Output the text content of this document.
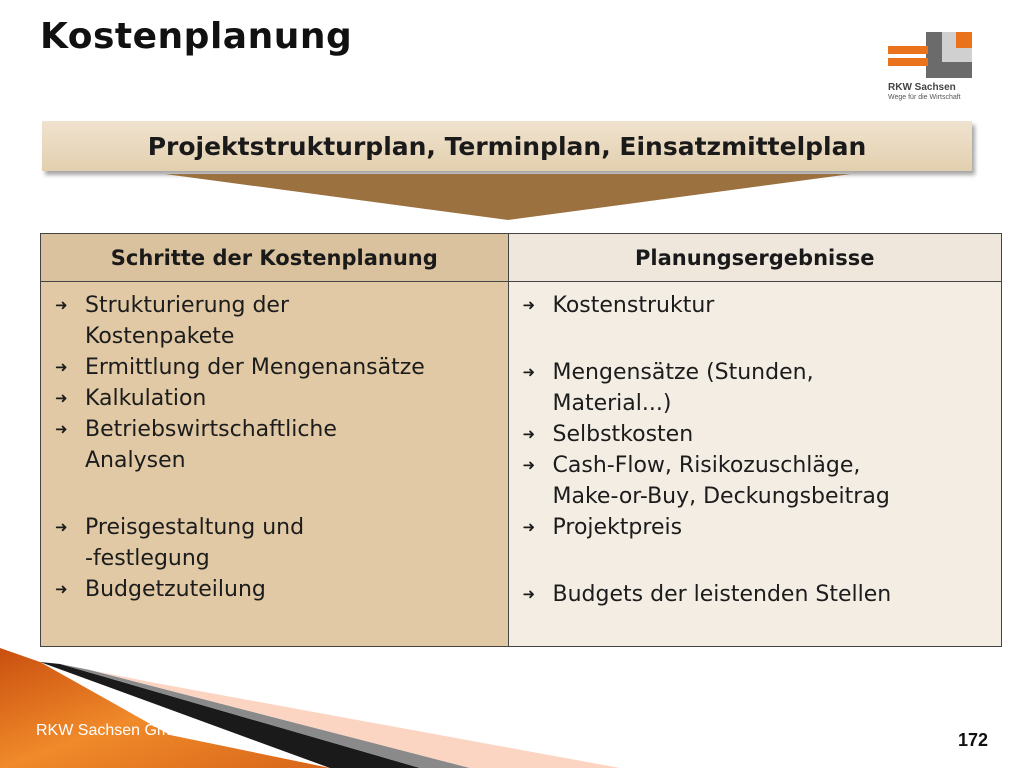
Kostenplanung
RKW Sachsen
Wege für die Wirtschaft
Projektstrukturplan, Terminplan, Einsatzmittelplan
Schritte der Kostenplanung
➜ Strukturierung der
Kostenpakete
➜ Ermittlung der Mengenansätze
➜ Kalkulation
➜ Betriebswirtschaftliche
Analysen
➜ Preisgestaltung und
-festlegung
➜ Budgetzuteilung
Planungsergebnisse
➜ Kostenstruktur
➜ Mengensätze (Stunden,
Material...)
➜ Selbstkosten
➜ Cash-Flow, Risikozuschläge,
Make-or-Buy, Deckungsbeitrag
➜ Projektpreis
➜ Budgets der leistenden Stellen
RKW Sachsen GmbH	172
